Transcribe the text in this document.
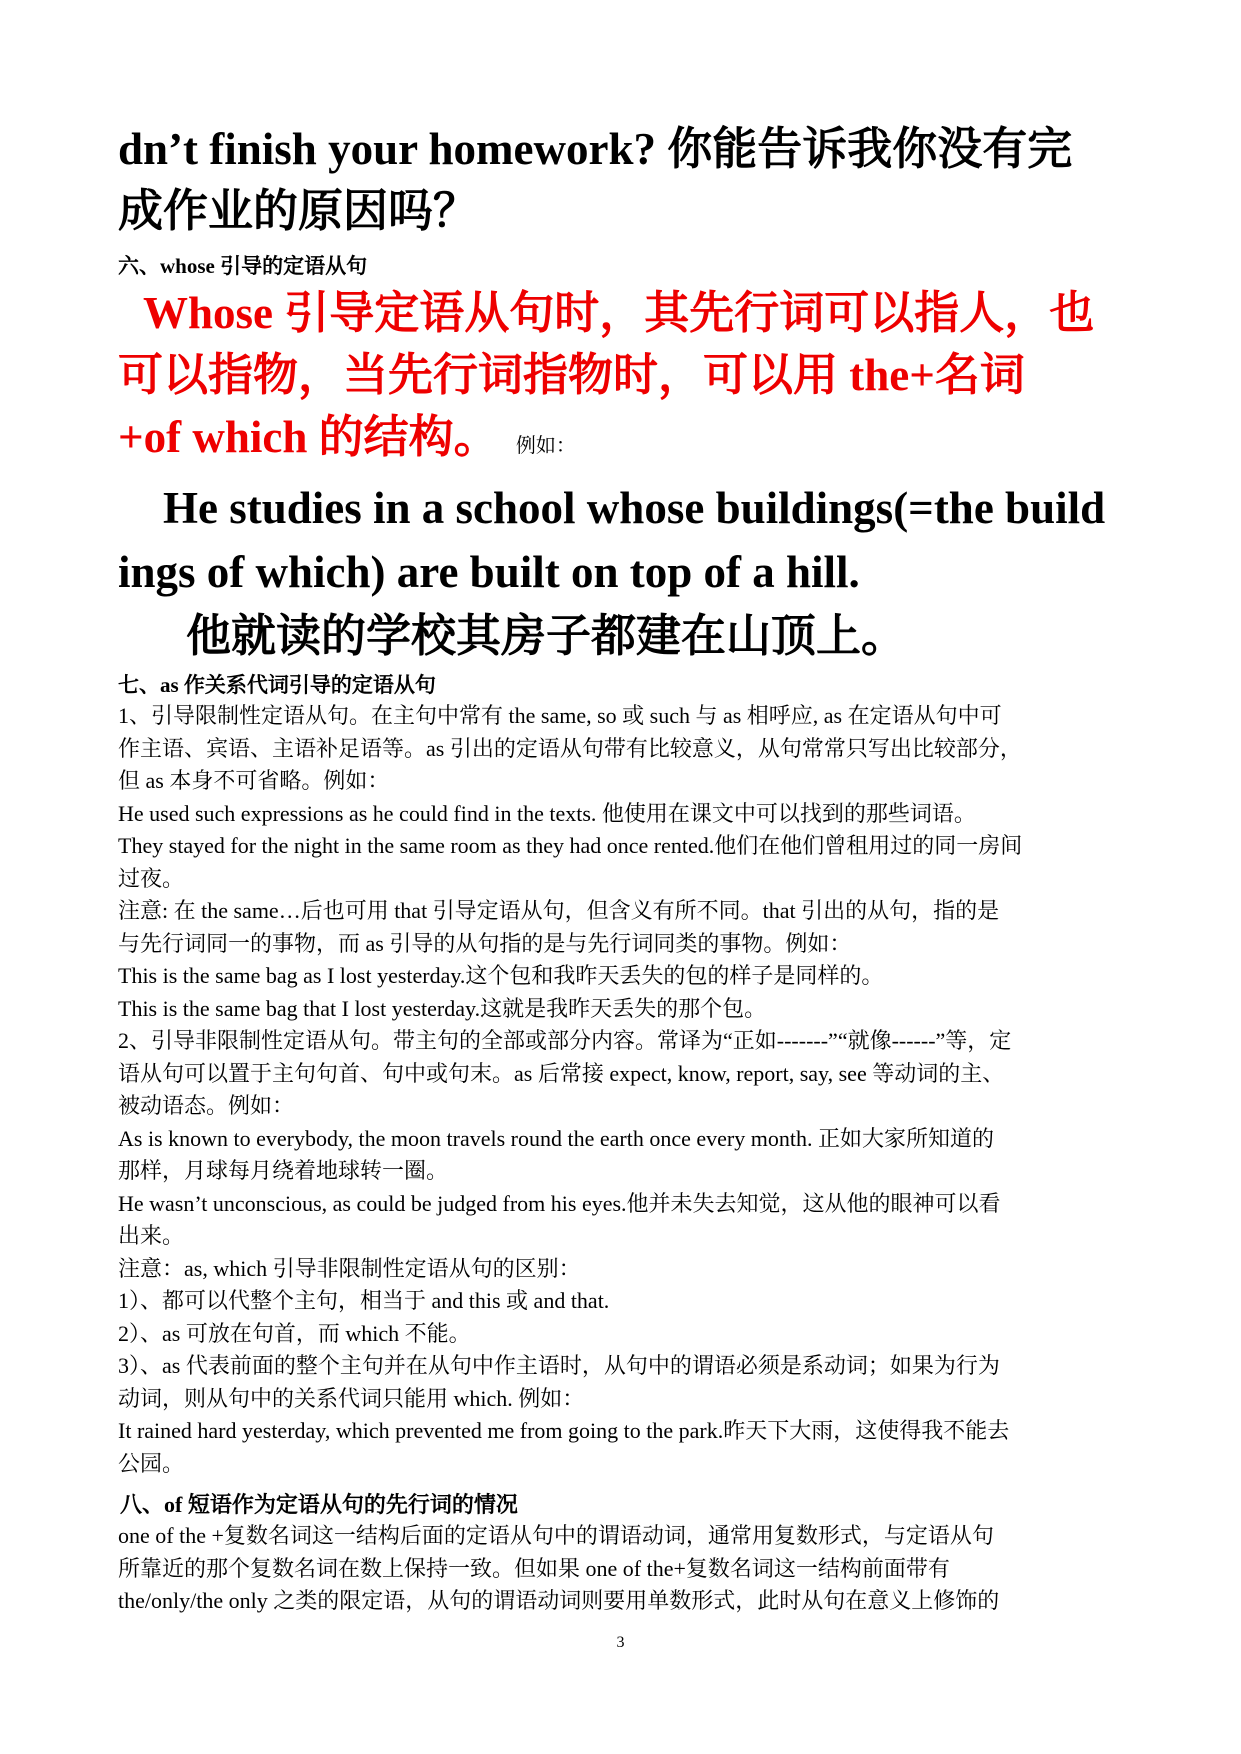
dn’t finish your homework? 你能告诉我你没有完

成作业的原因吗？

六、whose 引导的定语从句

Whose 引导定语从句时，其先行词可以指人，也

可以指物，当先行词指物时，可以用 the+名词

+of which 的结构。 例如：

He studies in a school whose buildings(=the build

ings of which) are built on top of a hill.

他就读的学校其房子都建在山顶上。

七、as 作关系代词引导的定语从句

1、引导限制性定语从句。在主句中常有 the same, so 或 such 与 as 相呼应, as 在定语从句中可

作主语、宾语、主语补足语等。as 引出的定语从句带有比较意义，从句常常只写出比较部分，

但 as 本身不可省略。例如：

He used such expressions as he could find in the texts. 他使用在课文中可以找到的那些词语。

They stayed for the night in the same room as they had once rented.他们在他们曾租用过的同一房间

过夜。

注意: 在 the same…后也可用 that 引导定语从句，但含义有所不同。that 引出的从句，指的是

与先行词同一的事物，而 as 引导的从句指的是与先行词同类的事物。例如：

This is the same bag as I lost yesterday.这个包和我昨天丢失的包的样子是同样的。

This is the same bag that I lost yesterday.这就是我昨天丢失的那个包。

2、引导非限制性定语从句。带主句的全部或部分内容。常译为“正如-------”“就像------”等，定

语从句可以置于主句句首、句中或句末。as 后常接 expect, know, report, say, see 等动词的主、

被动语态。例如：

As is known to everybody, the moon travels round the earth once every month. 正如大家所知道的

那样，月球每月绕着地球转一圈。

He wasn’t unconscious, as could be judged from his eyes.他并未失去知觉，这从他的眼神可以看

出来。

注意：as, which 引导非限制性定语从句的区别：

1）、都可以代整个主句，相当于 and this 或 and that.

2）、as 可放在句首，而 which 不能。

3）、as 代表前面的整个主句并在从句中作主语时，从句中的谓语必须是系动词；如果为行为

动词，则从句中的关系代词只能用 which. 例如：

It rained hard yesterday, which prevented me from going to the park.昨天下大雨，这使得我不能去

公园。

八、of 短语作为定语从句的先行词的情况

one of the +复数名词这一结构后面的定语从句中的谓语动词，通常用复数形式，与定语从句

所靠近的那个复数名词在数上保持一致。但如果 one of the+复数名词这一结构前面带有

the/only/the only 之类的限定语，从句的谓语动词则要用单数形式，此时从句在意义上修饰的

3
